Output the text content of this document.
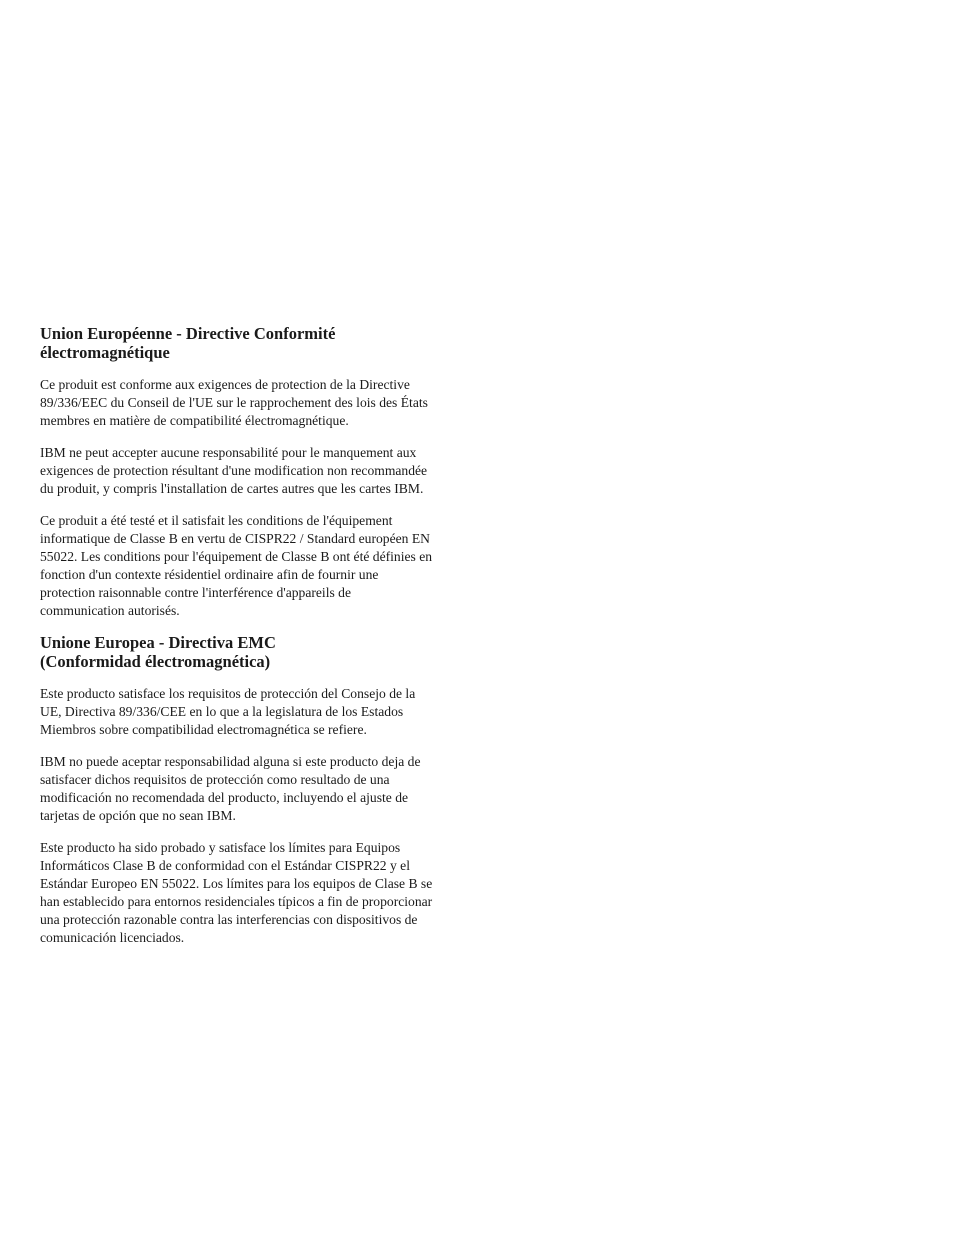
Union Européenne - Directive Conformité
électromagnétique

Ce produit est conforme aux exigences de protection de la Directive
89/336/EEC du Conseil de l'UE sur le rapprochement des lois des États
membres en matière de compatibilité électromagnétique.

IBM ne peut accepter aucune responsabilité pour le manquement aux
exigences de protection résultant d'une modification non recommandée
du produit, y compris l'installation de cartes autres que les cartes IBM.

Ce produit a été testé et il satisfait les conditions de l'équipement
informatique de Classe B en vertu de CISPR22 / Standard européen EN
55022. Les conditions pour l'équipement de Classe B ont été définies en
fonction d'un contexte résidentiel ordinaire afin de fournir une
protection raisonnable contre l'interférence d'appareils de
communication autorisés.

Unione Europea - Directiva EMC
(Conformidad électromagnética)

Este producto satisface los requisitos de protección del Consejo de la
UE, Directiva 89/336/CEE en lo que a la legislatura de los Estados
Miembros sobre compatibilidad electromagnética se refiere.

IBM no puede aceptar responsabilidad alguna si este producto deja de
satisfacer dichos requisitos de protección como resultado de una
modificación no recomendada del producto, incluyendo el ajuste de
tarjetas de opción que no sean IBM.

Este producto ha sido probado y satisface los límites para Equipos
Informáticos Clase B de conformidad con el Estándar CISPR22 y el
Estándar Europeo EN 55022. Los límites para los equipos de Clase B se
han establecido para entornos residenciales típicos a fin de proporcionar
una protección razonable contra las interferencias con dispositivos de
comunicación licenciados.
